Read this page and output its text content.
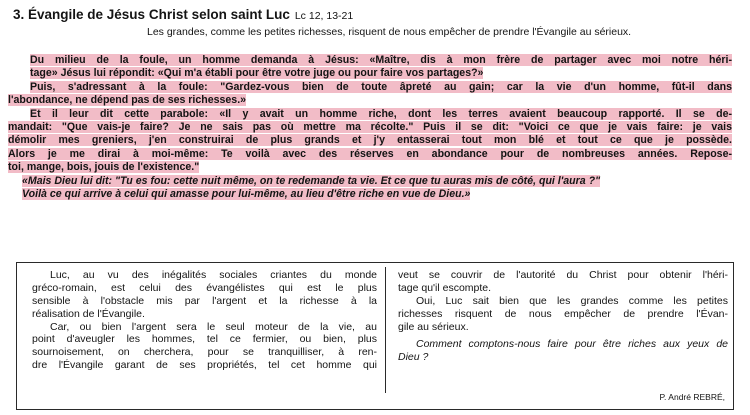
3. Évangile de Jésus Christ selon saint Luc Lc 12, 13-21
Les grandes, comme les petites richesses, risquent de nous empêcher de prendre l'Évangile au sérieux.
Du milieu de la foule, un homme demanda à Jésus: «Maître, dis à mon frère de partager avec moi notre héri-
tage» Jésus lui répondit: «Qui m'a établi pour être votre juge ou pour faire vos partages?»
Puis, s'adressant à la foule: "Gardez-vous bien de toute âpreté au gain; car la vie d'un homme, fût-il dans
l'abondance, ne dépend pas de ses richesses.»
Et il leur dit cette parabole: «Il y avait un homme riche, dont les terres avaient beaucoup rapporté. Il se de-
mandait: "Que vais-je faire? Je ne sais pas où mettre ma récolte." Puis il se dit: "Voici ce que je vais faire: je vais
démolir mes greniers, j'en construirai de plus grands et j'y entasserai tout mon blé et tout ce que je possède.
Alors je me dirai à moi-même: Te voilà avec des réserves en abondance pour de nombreuses années. Repose-
toi, mange, bois, jouis de l'existence."
«Mais Dieu lui dit: "Tu es fou: cette nuit même, on te redemande ta vie. Et ce que tu auras mis de côté, qui l'aura ?"
Voilà ce qui arrive à celui qui amasse pour lui-même, au lieu d'être riche en vue de Dieu.»
Luc, au vu des inégalités sociales criantes du monde
gréco-romain, est celui des évangélistes qui est le plus
sensible à l'obstacle mis par l'argent et la richesse à la
réalisation de l'Évangile.
Car, ou bien l'argent sera le seul moteur de la vie, au
point d'aveugler les hommes, tel ce fermier, ou bien, plus
sournoisement, on cherchera, pour se tranquilliser, à ren-
dre l'Évangile garant de ses propriétés, tel cet homme qui
veut se couvrir de l'autorité du Christ pour obtenir l'héri-
tage qu'il escompte.
Oui, Luc sait bien que les grandes comme les petites
richesses risquent de nous empêcher de prendre l'Évan-
gile au sérieux.
Comment comptons-nous faire pour être riches aux yeux de
Dieu ?
P. André REBRÉ,
